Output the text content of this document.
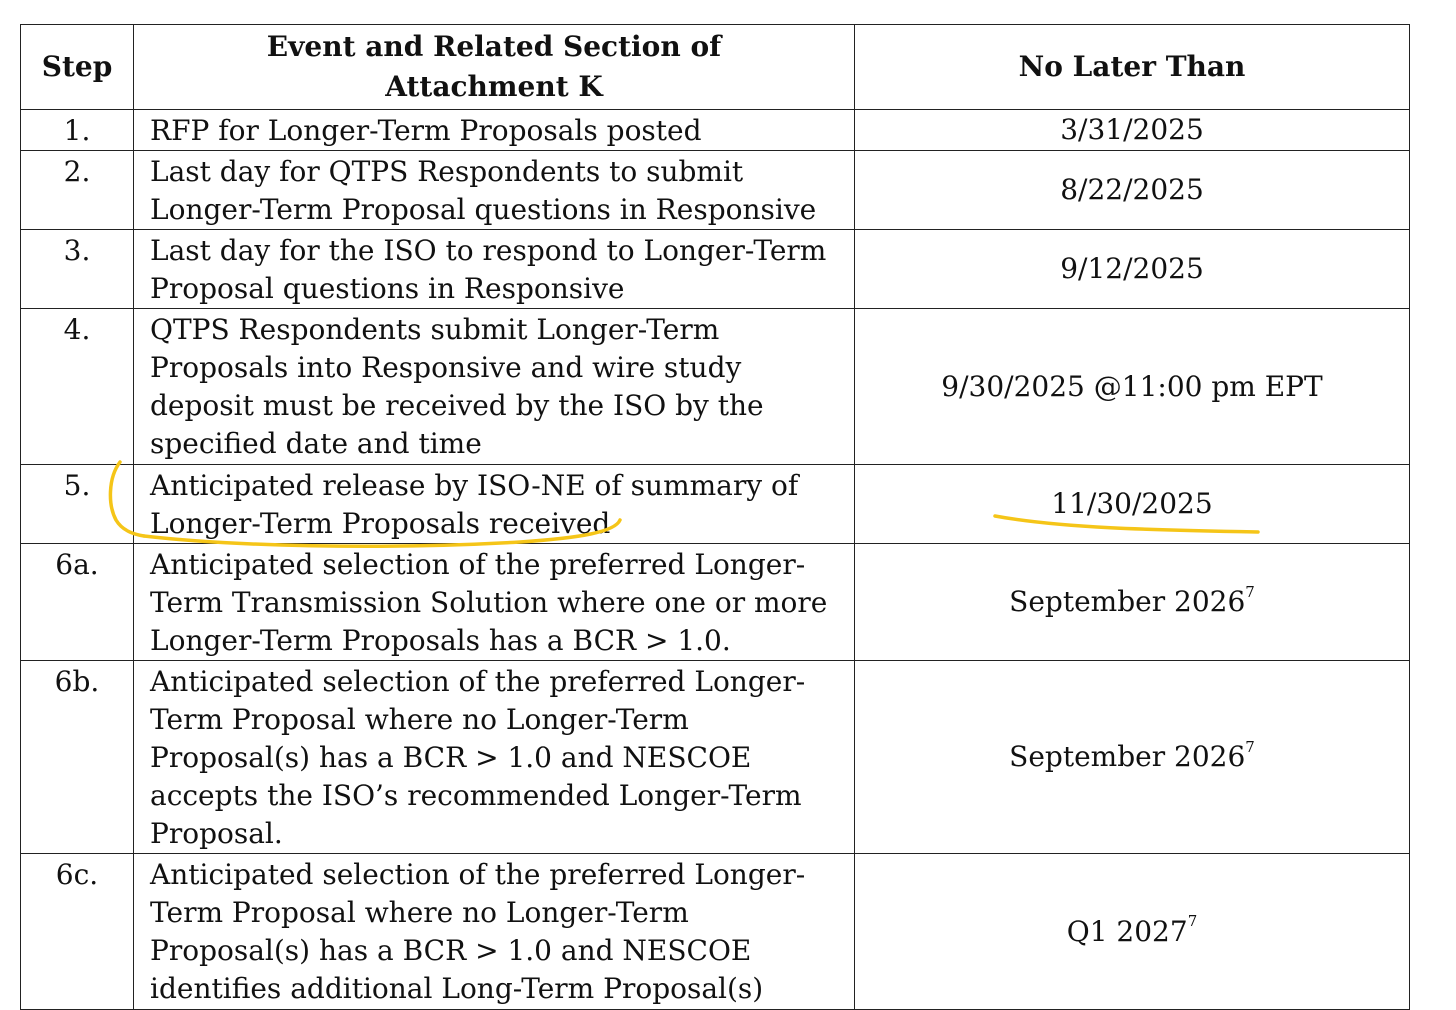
Step	Event and Related Section of Attachment K	No Later Than
1.	RFP for Longer-Term Proposals posted	3/31/2025
2.	Last day for QTPS Respondents to submit Longer-Term Proposal questions in Responsive	8/22/2025
3.	Last day for the ISO to respond to Longer-Term Proposal questions in Responsive	9/12/2025
4.	QTPS Respondents submit Longer-Term Proposals into Responsive and wire study deposit must be received by the ISO by the specified date and time	9/30/2025 @11:00 pm EPT
5.	Anticipated release by ISO-NE of summary of Longer-Term Proposals received	11/30/2025
6a.	Anticipated selection of the preferred Longer-Term Transmission Solution where one or more Longer-Term Proposals has a BCR > 1.0.	September 2026$^7$
6b.	Anticipated selection of the preferred Longer-Term Proposal where no Longer-Term Proposal(s) has a BCR > 1.0 and NESCOE accepts the ISO’s recommended Longer-Term Proposal.	September 2026$^7$
6c.	Anticipated selection of the preferred Longer-Term Proposal where no Longer-Term Proposal(s) has a BCR > 1.0 and NESCOE identifies additional Long-Term Proposal(s)	Q1 2027$^7$
